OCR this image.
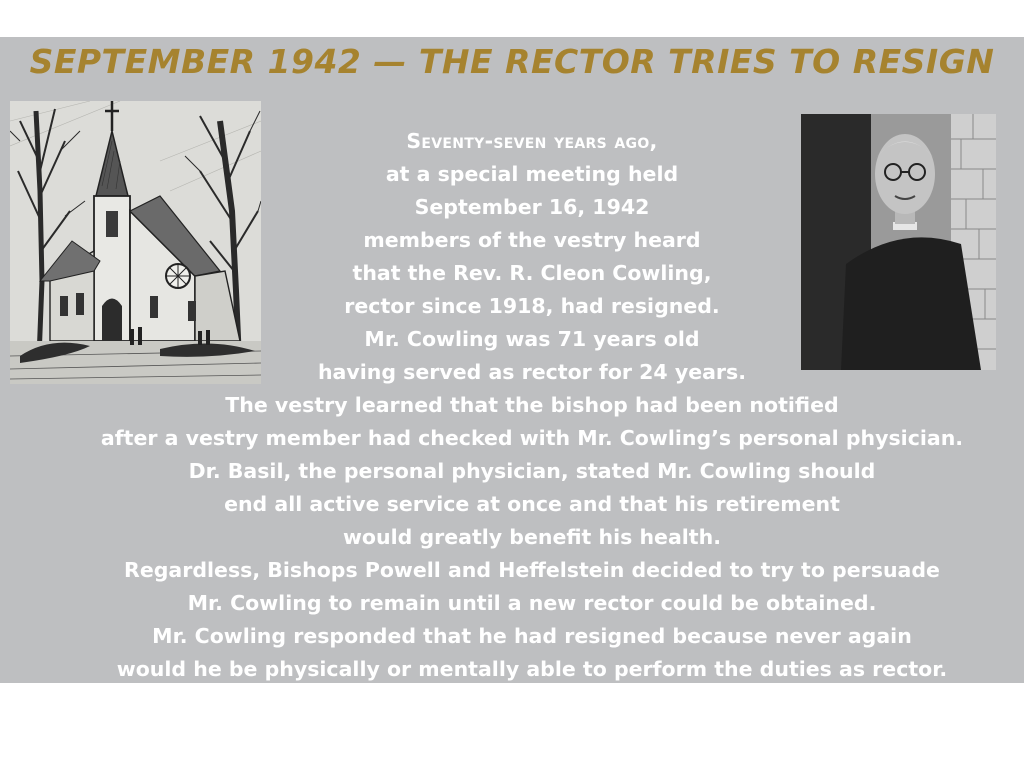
SEPTEMBER 1942 — THE RECTOR TRIES TO RESIGN
Seventy-seven years ago,
at a special meeting held
September 16, 1942
members of the vestry heard
that the Rev. R. Cleon Cowling,
rector since 1918, had resigned.
Mr. Cowling was 71 years old
having served as rector for 24 years.
The vestry learned that the bishop had been notified
after a vestry member had checked with Mr. Cowling’s personal physician.
Dr. Basil, the personal physician, stated Mr. Cowling should
end all active service at once and that his retirement
would greatly benefit his health.
Regardless, Bishops Powell and Heffelstein decided to try to persuade
Mr. Cowling to remain until a new rector could be obtained.
Mr. Cowling responded that he had resigned because never again
would he be physically or mentally able to perform the duties as rector.
